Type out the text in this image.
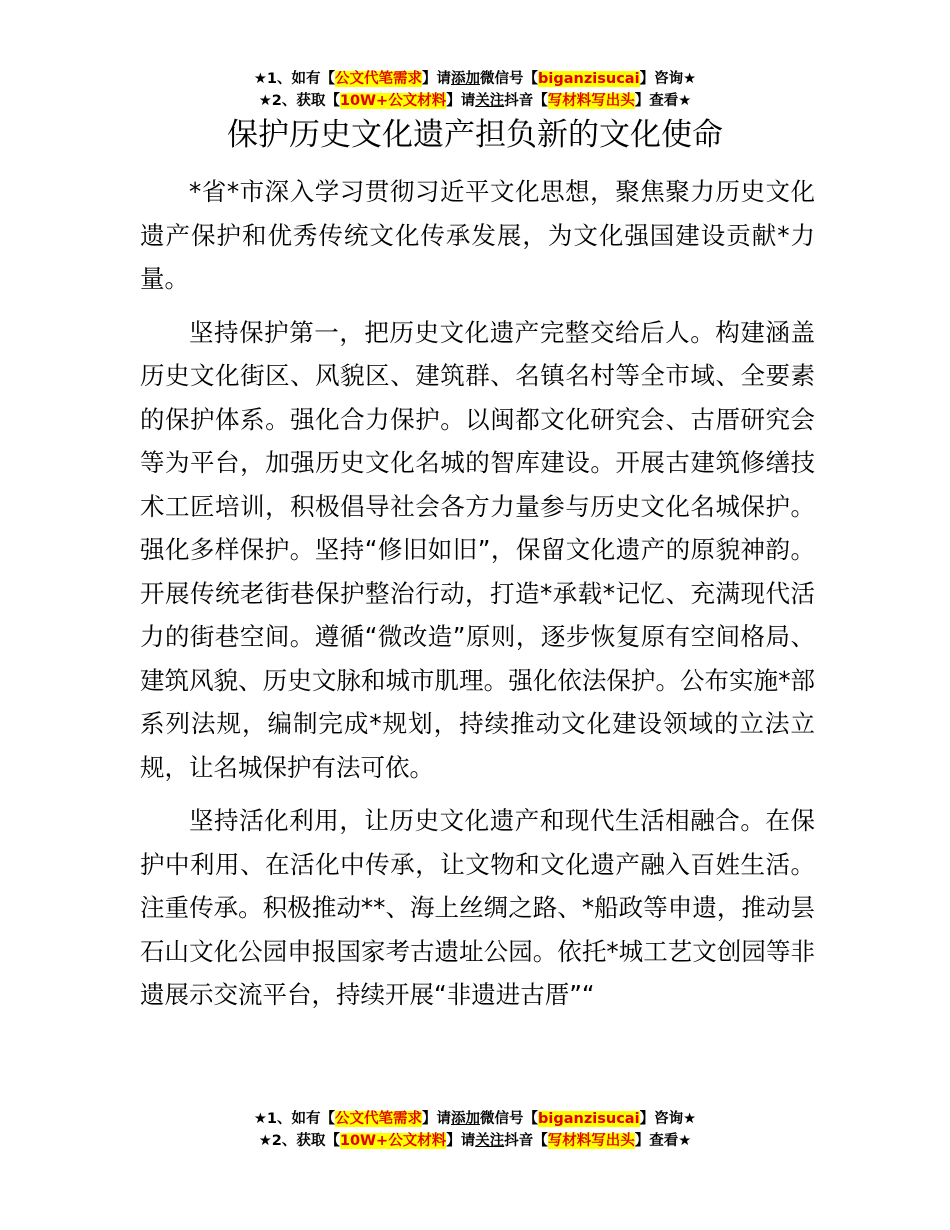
★1、如有【公文代笔需求】请添加微信号【biganzisucai】咨询★
★2、获取【10W+公文材料】请关注抖音【写材料写出头】查看★
保护历史文化遗产担负新的文化使命

*省*市深入学习贯彻习近平文化思想，聚焦聚力历史文化遗产保护和优秀传统文化传承发展，为文化强国建设贡献*力量。

坚持保护第一，把历史文化遗产完整交给后人。构建涵盖历史文化街区、风貌区、建筑群、名镇名村等全市域、全要素的保护体系。强化合力保护。以闽都文化研究会、古厝研究会等为平台，加强历史文化名城的智库建设。开展古建筑修缮技术工匠培训，积极倡导社会各方力量参与历史文化名城保护。强化多样保护。坚持“修旧如旧”，保留文化遗产的原貌神韵。开展传统老街巷保护整治行动，打造*承载*记忆、充满现代活力的街巷空间。遵循“微改造”原则，逐步恢复原有空间格局、建筑风貌、历史文脉和城市肌理。强化依法保护。公布实施*部系列法规，编制完成*规划，持续推动文化建设领域的立法立规，让名城保护有法可依。

坚持活化利用，让历史文化遗产和现代生活相融合。在保护中利用、在活化中传承，让文物和文化遗产融入百姓生活。注重传承。积极推动**、海上丝绸之路、*船政等申遗，推动昙石山文化公园申报国家考古遗址公园。依托*城工艺文创园等非遗展示交流平台，持续开展“非遗进古厝”“

★1、如有【公文代笔需求】请添加微信号【biganzisucai】咨询★
★2、获取【10W+公文材料】请关注抖音【写材料写出头】查看★
